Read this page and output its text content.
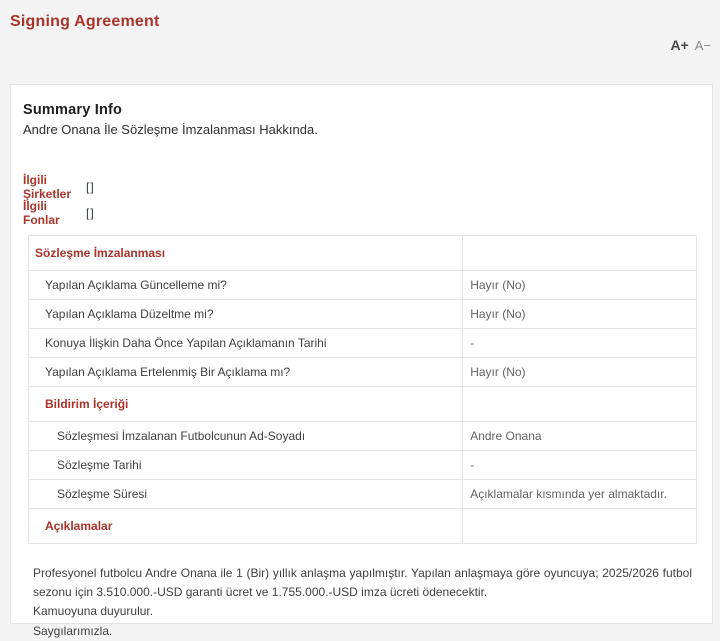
Signing Agreement
A+ A−
Summary Info
Andre Onana İle Sözleşme İmzalanması Hakkında.
İlgili Şirketler	[]
İlgili Fonlar	[]
Sözleşme İmzalanması	
Yapılan Açıklama Güncelleme mi?	Hayır (No)
Yapılan Açıklama Düzeltme mi?	Hayır (No)
Konuya İlişkin Daha Önce Yapılan Açıklamanın Tarihi	-
Yapılan Açıklama Ertelenmiş Bir Açıklama mı?	Hayır (No)
Bildirim İçeriği	
Sözleşmesi İmzalanan Futbolcunun Ad-Soyadı	Andre Onana
Sözleşme Tarihi	-
Sözleşme Süresi	Açıklamalar kısmında yer almaktadır.
Açıklamalar	

Profesyonel futbolcu Andre Onana ile 1 (Bir) yıllık anlaşma yapılmıştır. Yapılan anlaşmaya göre oyuncuya; 2025/2026 futbol sezonu için 3.510.000.-USD garanti ücret ve 1.755.000.-USD imza ücreti ödenecektir.

Kamuoyuna duyurulur.

Saygılarımızla.
